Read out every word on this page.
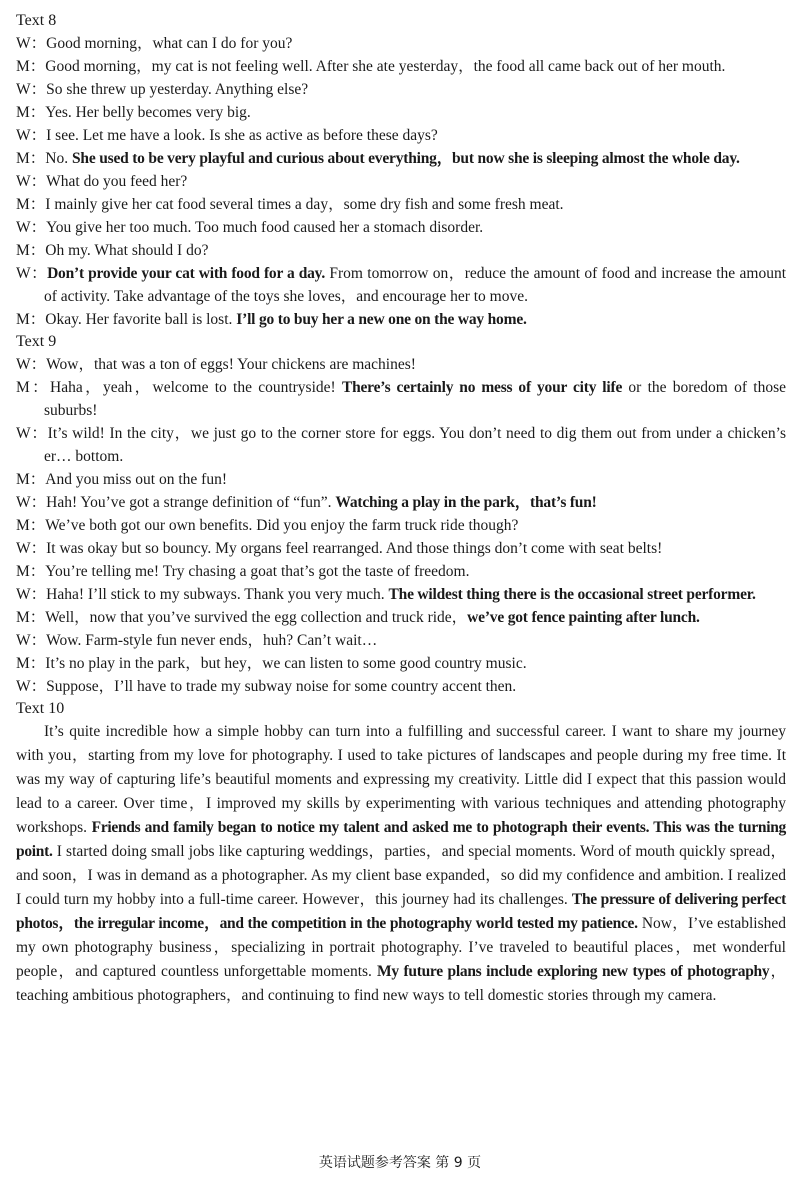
Text 8
W：Good morning，what can I do for you?
M：Good morning，my cat is not feeling well. After she ate yesterday，the food all came back out of her mouth.
W：So she threw up yesterday. Anything else?
M：Yes. Her belly becomes very big.
W：I see. Let me have a look. Is she as active as before these days?
M：No. She used to be very playful and curious about everything，but now she is sleeping almost the whole day.
W：What do you feed her?
M：I mainly give her cat food several times a day，some dry fish and some fresh meat.
W：You give her too much. Too much food caused her a stomach disorder.
M：Oh my. What should I do?
W：Don’t provide your cat with food for a day. From tomorrow on，reduce the amount of food and increase the amount of activity. Take advantage of the toys she loves，and encourage her to move.
M：Okay. Her favorite ball is lost. I’ll go to buy her a new one on the way home.
Text 9
W：Wow，that was a ton of eggs! Your chickens are machines!
M：Haha，yeah，welcome to the countryside! There’s certainly no mess of your city life or the boredom of those suburbs!
W：It’s wild! In the city，we just go to the corner store for eggs. You don’t need to dig them out from under a chicken’s er… bottom.
M：And you miss out on the fun!
W：Hah! You’ve got a strange definition of “fun”. Watching a play in the park，that’s fun!
M：We’ve both got our own benefits. Did you enjoy the farm truck ride though?
W：It was okay but so bouncy. My organs feel rearranged. And those things don’t come with seat belts!
M：You’re telling me! Try chasing a goat that’s got the taste of freedom.
W：Haha! I’ll stick to my subways. Thank you very much. The wildest thing there is the occasional street performer.
M：Well，now that you’ve survived the egg collection and truck ride，we’ve got fence painting after lunch.
W：Wow. Farm-style fun never ends，huh? Can’t wait…
M：It’s no play in the park，but hey，we can listen to some good country music.
W：Suppose，I’ll have to trade my subway noise for some country accent then.
Text 10
It’s quite incredible how a simple hobby can turn into a fulfilling and successful career. I want to share my journey with you，starting from my love for photography. I used to take pictures of landscapes and people during my free time. It was my way of capturing life’s beautiful moments and expressing my creativity. Little did I expect that this passion would lead to a career. Over time，I improved my skills by experimenting with various techniques and attending photography workshops. Friends and family began to notice my talent and asked me to photograph their events. This was the turning point. I started doing small jobs like capturing weddings，parties，and special moments. Word of mouth quickly spread，and soon，I was in demand as a photographer. As my client base expanded，so did my confidence and ambition. I realized I could turn my hobby into a full-time career. However，this journey had its challenges. The pressure of delivering perfect photos，the irregular income，and the competition in the photography world tested my patience. Now，I’ve established my own photography business，specializing in portrait photography. I’ve traveled to beautiful places，met wonderful people，and captured countless unforgettable moments. My future plans include exploring new types of photography，teaching ambitious photographers，and continuing to find new ways to tell domestic stories through my camera.
英语试题参考答案 第 9 页
